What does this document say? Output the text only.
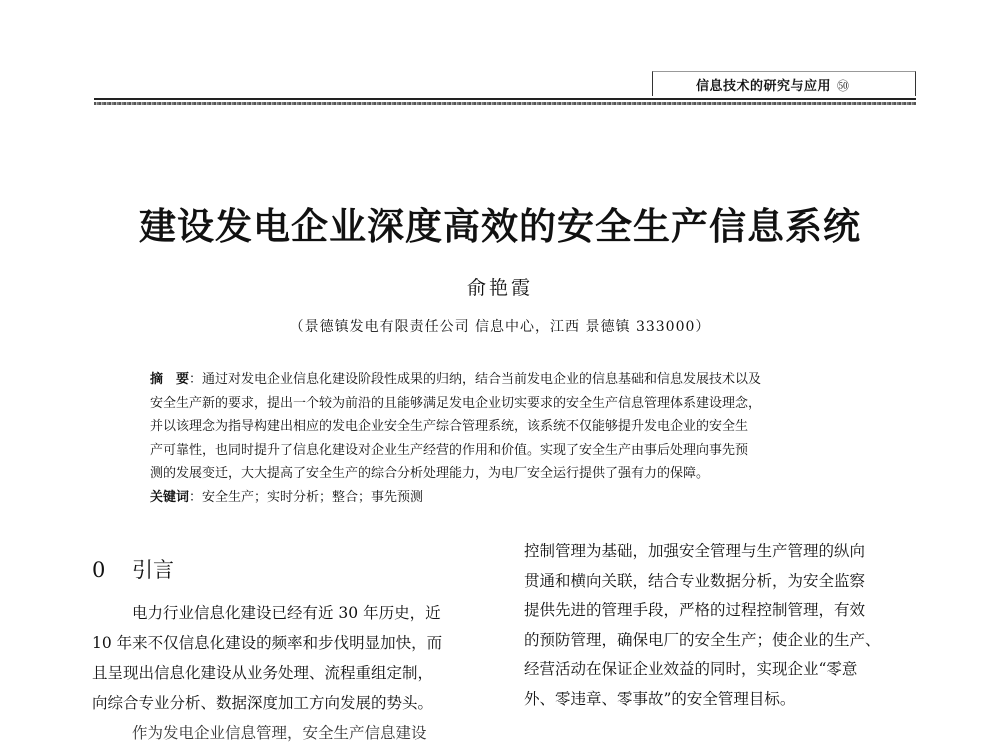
信息技术的研究与应用 ㊿
建设发电企业深度高效的安全生产信息系统
俞艳霞
（景德镇发电有限责任公司 信息中心，江西 景德镇 333000）
摘　要：通过对发电企业信息化建设阶段性成果的归纳，结合当前发电企业的信息基础和信息发展技术以及
安全生产新的要求，提出一个较为前沿的且能够满足发电企业切实要求的安全生产信息管理体系建设理念，
并以该理念为指导构建出相应的发电企业安全生产综合管理系统，该系统不仅能够提升发电企业的安全生
产可靠性，也同时提升了信息化建设对企业生产经营的作用和价值。实现了安全生产由事后处理向事先预
测的发展变迁，大大提高了安全生产的综合分析处理能力，为电厂安全运行提供了强有力的保障。
关键词：安全生产；实时分析；整合；事先预测
0 引言
电力行业信息化建设已经有近 30 年历史，近
10 年来不仅信息化建设的频率和步伐明显加快，而
且呈现出信息化建设从业务处理、流程重组定制，
向综合专业分析、数据深度加工方向发展的势头。
作为发电企业信息管理，安全生产信息建设
控制管理为基础，加强安全管理与生产管理的纵向
贯通和横向关联，结合专业数据分析，为安全监察
提供先进的管理手段，严格的过程控制管理，有效
的预防管理，确保电厂的安全生产；使企业的生产、
经营活动在保证企业效益的同时，实现企业“零意
外、零违章、零事故”的安全管理目标。
